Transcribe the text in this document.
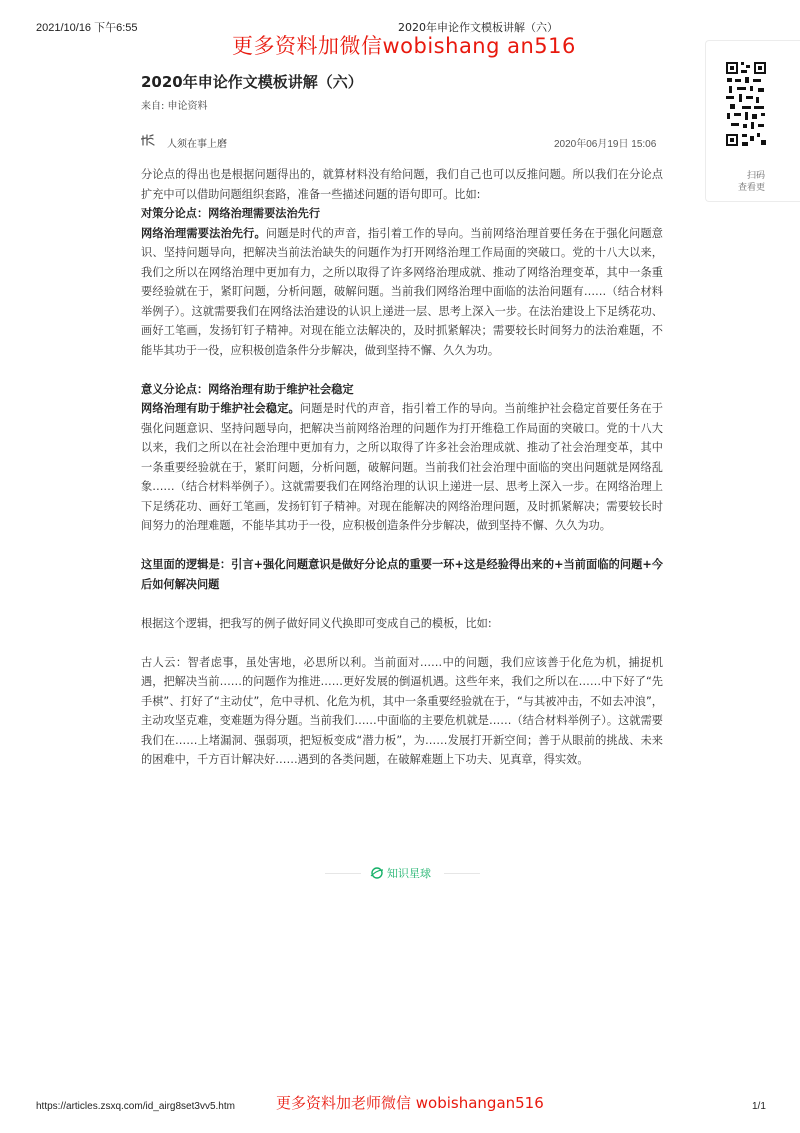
2021/10/16 下午6:55	2020年申论作文模板讲解（六）
更多资料加微信wobishang an516
扫码
查看更
2020年申论作文模板讲解（六）
来自: 申论资料
人须在事上磨	2020年06月19日 15:06

分论点的得出也是根据问题得出的，就算材料没有给问题，我们自己也可以反推问题。所以我们在分论点扩充中可以借助问题组织套路，准备一些描述问题的语句即可。比如:

对策分论点：网络治理需要法治先行

网络治理需要法治先行。问题是时代的声音，指引着工作的导向。当前网络治理首要任务在于强化问题意识、坚持问题导向，把解决当前法治缺失的问题作为打开网络治理工作局面的突破口。党的十八大以来，我们之所以在网络治理中更加有力，之所以取得了许多网络治理成就、推动了网络治理变革，其中一条重要经验就在于，紧盯问题，分析问题，破解问题。当前我们网络治理中面临的法治问题有……（结合材料举例子）。这就需要我们在网络法治建设的认识上递进一层、思考上深入一步。在法治建设上下足绣花功、画好工笔画，发扬钉钉子精神。对现在能立法解决的，及时抓紧解决；需要较长时间努力的法治难题，不能毕其功于一役，应积极创造条件分步解决，做到坚持不懈、久久为功。

意义分论点：网络治理有助于维护社会稳定

网络治理有助于维护社会稳定。问题是时代的声音，指引着工作的导向。当前维护社会稳定首要任务在于强化问题意识、坚持问题导向，把解决当前网络治理的问题作为打开维稳工作局面的突破口。党的十八大以来，我们之所以在社会治理中更加有力，之所以取得了许多社会治理成就、推动了社会治理变革，其中一条重要经验就在于，紧盯问题，分析问题，破解问题。当前我们社会治理中面临的突出问题就是网络乱象……（结合材料举例子）。这就需要我们在网络治理的认识上递进一层、思考上深入一步。在网络治理上下足绣花功、画好工笔画，发扬钉钉子精神。对现在能解决的网络治理问题，及时抓紧解决；需要较长时间努力的治理难题，不能毕其功于一役，应积极创造条件分步解决，做到坚持不懈、久久为功。

这里面的逻辑是：引言+强化问题意识是做好分论点的重要一环+这是经验得出来的+当前面临的问题+今后如何解决问题

根据这个逻辑，把我写的例子做好同义代换即可变成自己的模板，比如:

古人云：智者虑事，虽处害地，必思所以利。当前面对……中的问题，我们应该善于化危为机，捕捉机遇，把解决当前……的问题作为推进……更好发展的倒逼机遇。这些年来，我们之所以在……中下好了“先手棋”、打好了“主动仗”，危中寻机、化危为机，其中一条重要经验就在于，“与其被冲击，不如去冲浪”，主动攻坚克难，变难题为得分题。当前我们……中面临的主要危机就是……（结合材料举例子）。这就需要我们在……上堵漏洞、强弱项，把短板变成“潜力板”，为……发展打开新空间；善于从眼前的挑战、未来的困难中，千方百计解决好……遇到的各类问题，在破解难题上下功夫、见真章，得实效。

知识星球
https://articles.zsxq.com/id_airg8set3vv5.htm	更多资料加老师微信 wobishangan516	1/1
